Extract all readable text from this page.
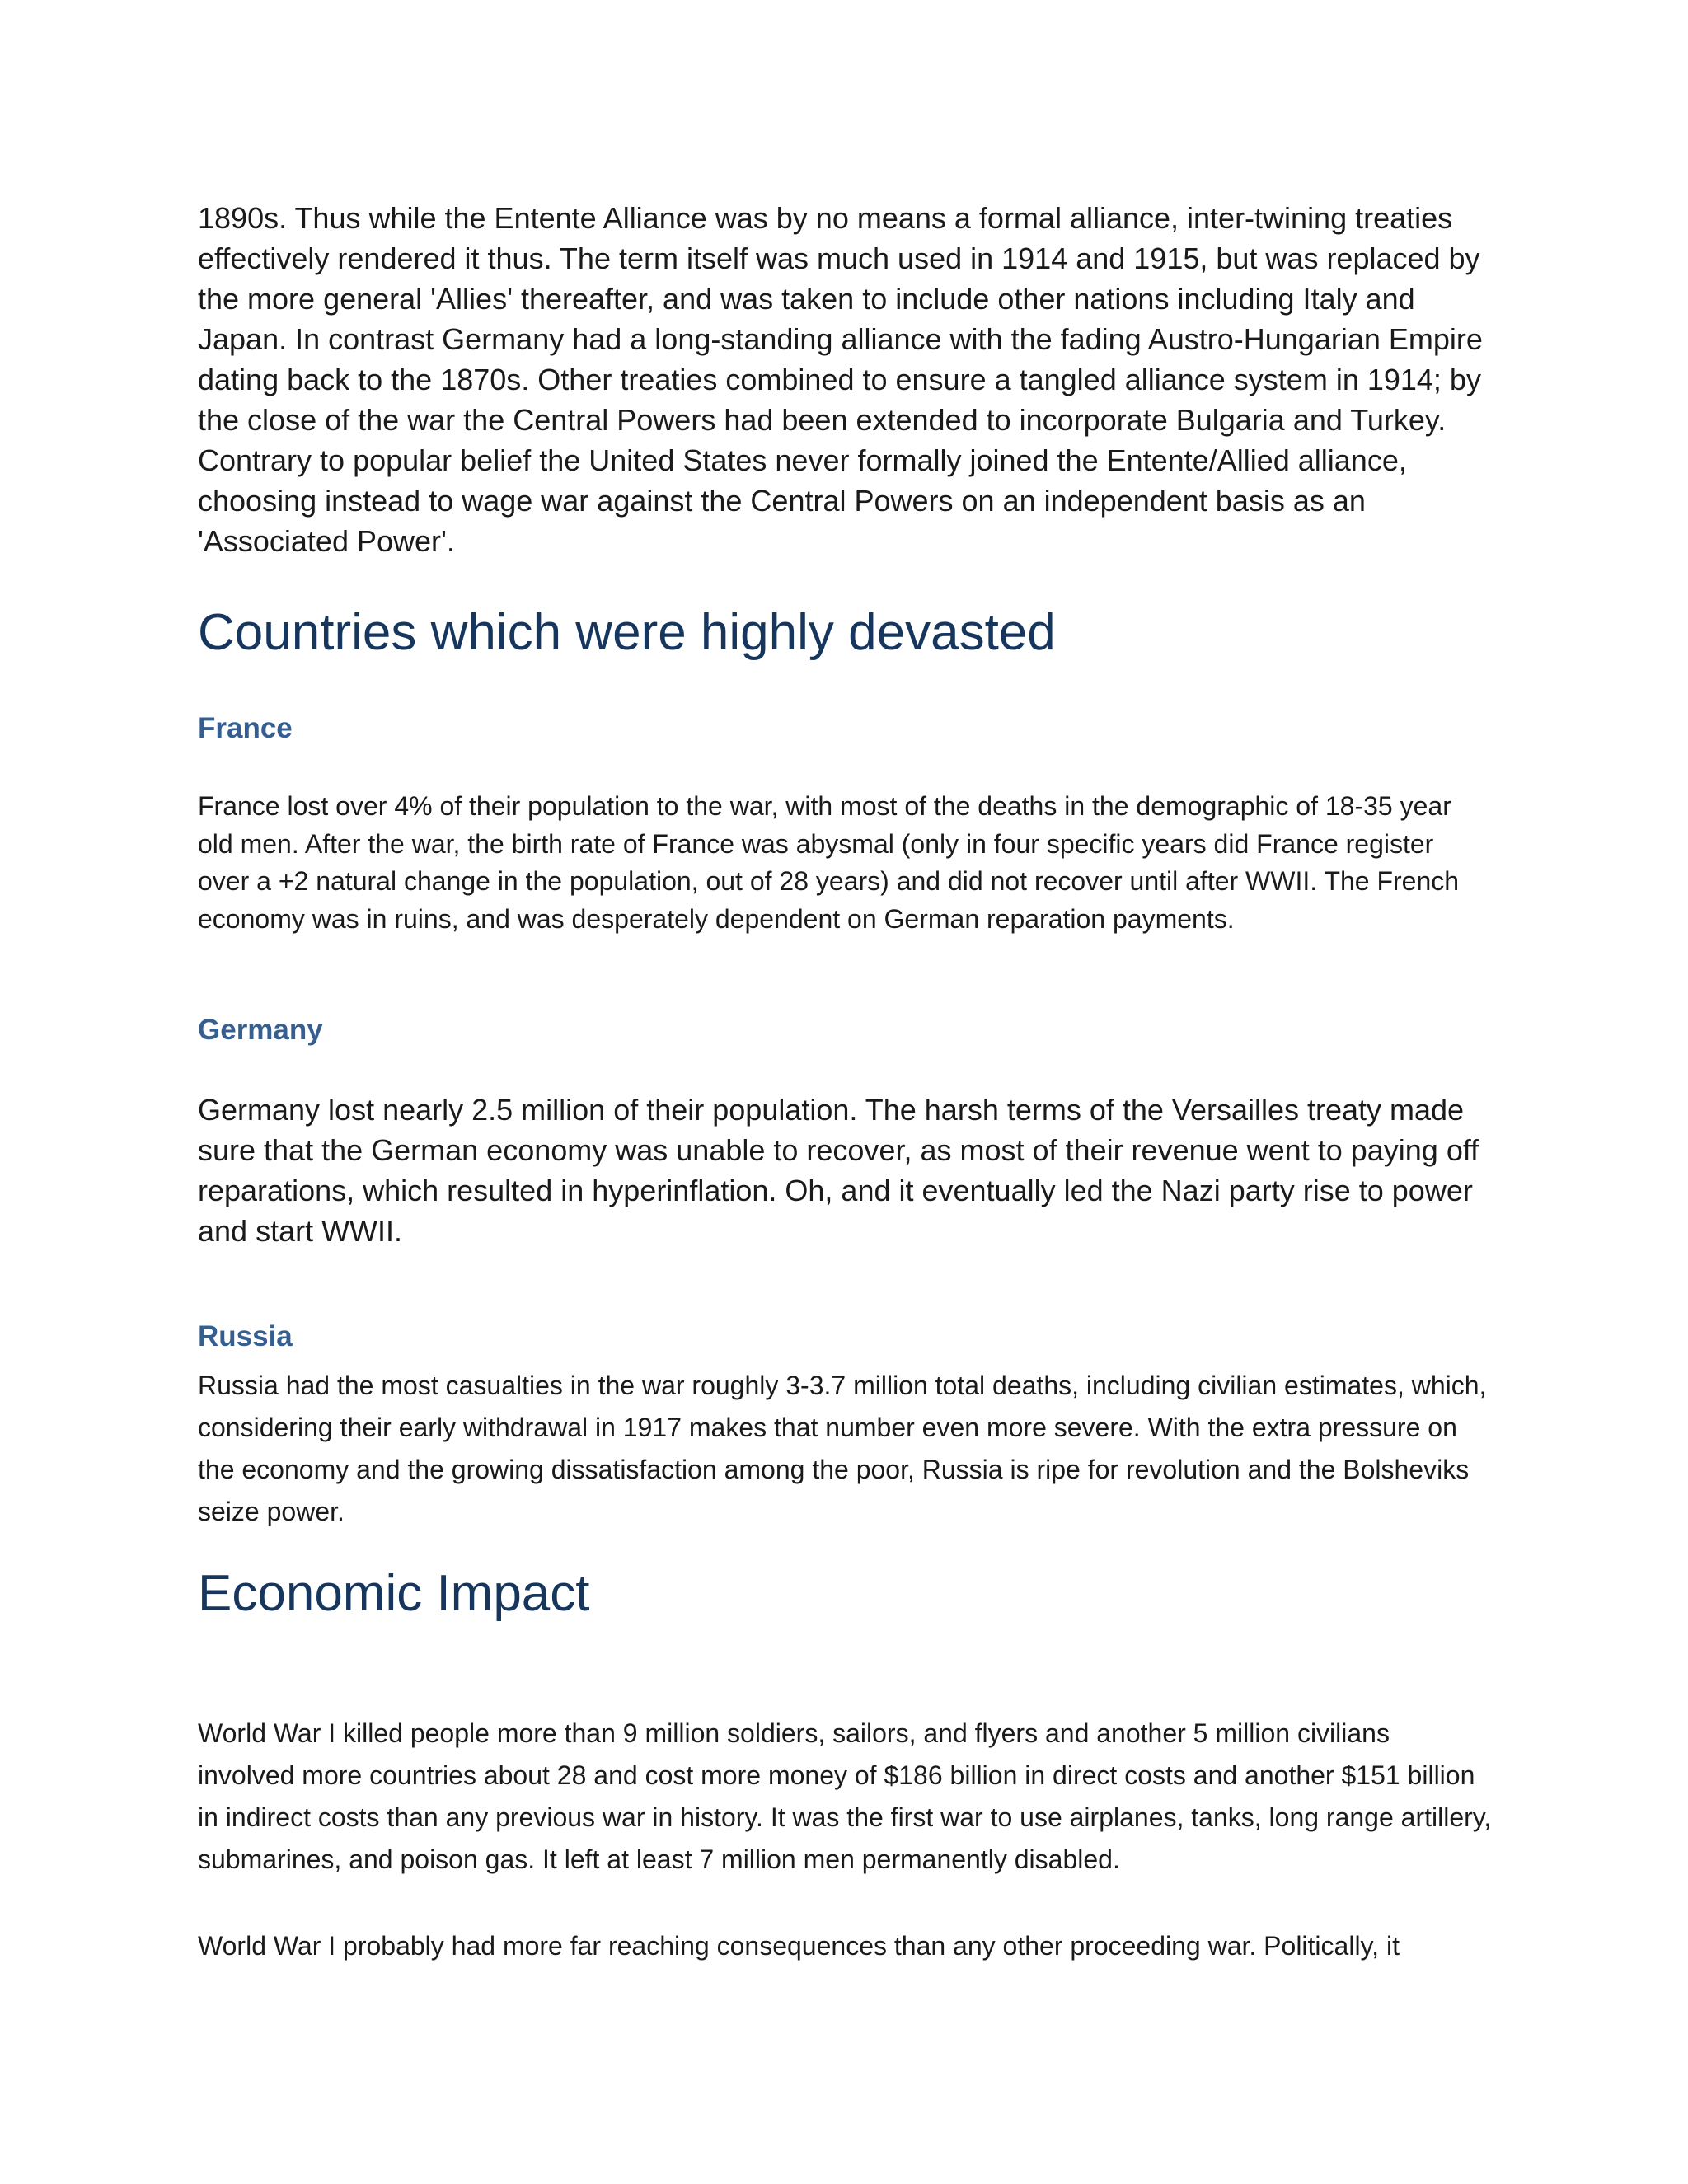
1890s. Thus while the Entente Alliance was by no means a formal alliance, inter-twining treaties effectively rendered it thus. The term itself was much used in 1914 and 1915, but was replaced by the more general 'Allies' thereafter, and was taken to include other nations including Italy and Japan. In contrast Germany had a long-standing alliance with the fading Austro-Hungarian Empire dating back to the 1870s. Other treaties combined to ensure a tangled alliance system in 1914; by the close of the war the Central Powers had been extended to incorporate Bulgaria and Turkey. Contrary to popular belief the United States never formally joined the Entente/Allied alliance, choosing instead to wage war against the Central Powers on an independent basis as an 'Associated Power'.

Countries which were highly devasted
France

France lost over 4% of their population to the war, with most of the deaths in the demographic of 18-35 year old men. After the war, the birth rate of France was abysmal (only in four specific years did France register over a +2 natural change in the population, out of 28 years) and did not recover until after WWII. The French economy was in ruins, and was desperately dependent on German reparation payments.

Germany

Germany lost nearly 2.5 million of their population. The harsh terms of the Versailles treaty made sure that the German economy was unable to recover, as most of their revenue went to paying off reparations, which resulted in hyperinflation. Oh, and it eventually led the Nazi party rise to power and start WWII.

Russia

Russia had the most casualties in the war roughly 3-3.7 million total deaths, including civilian estimates, which, considering their early withdrawal in 1917 makes that number even more severe. With the extra pressure on the economy and the growing dissatisfaction among the poor, Russia is ripe for revolution and the Bolsheviks seize power.

Economic Impact

World War I killed people more than 9 million soldiers, sailors, and flyers and another 5 million civilians involved more countries about 28 and cost more money of $186 billion in direct costs and another $151 billion in indirect costs than any previous war in history. It was the first war to use airplanes, tanks, long range artillery, submarines, and poison gas. It left at least 7 million men permanently disabled.

World War I probably had more far reaching consequences than any other proceeding war. Politically, it
